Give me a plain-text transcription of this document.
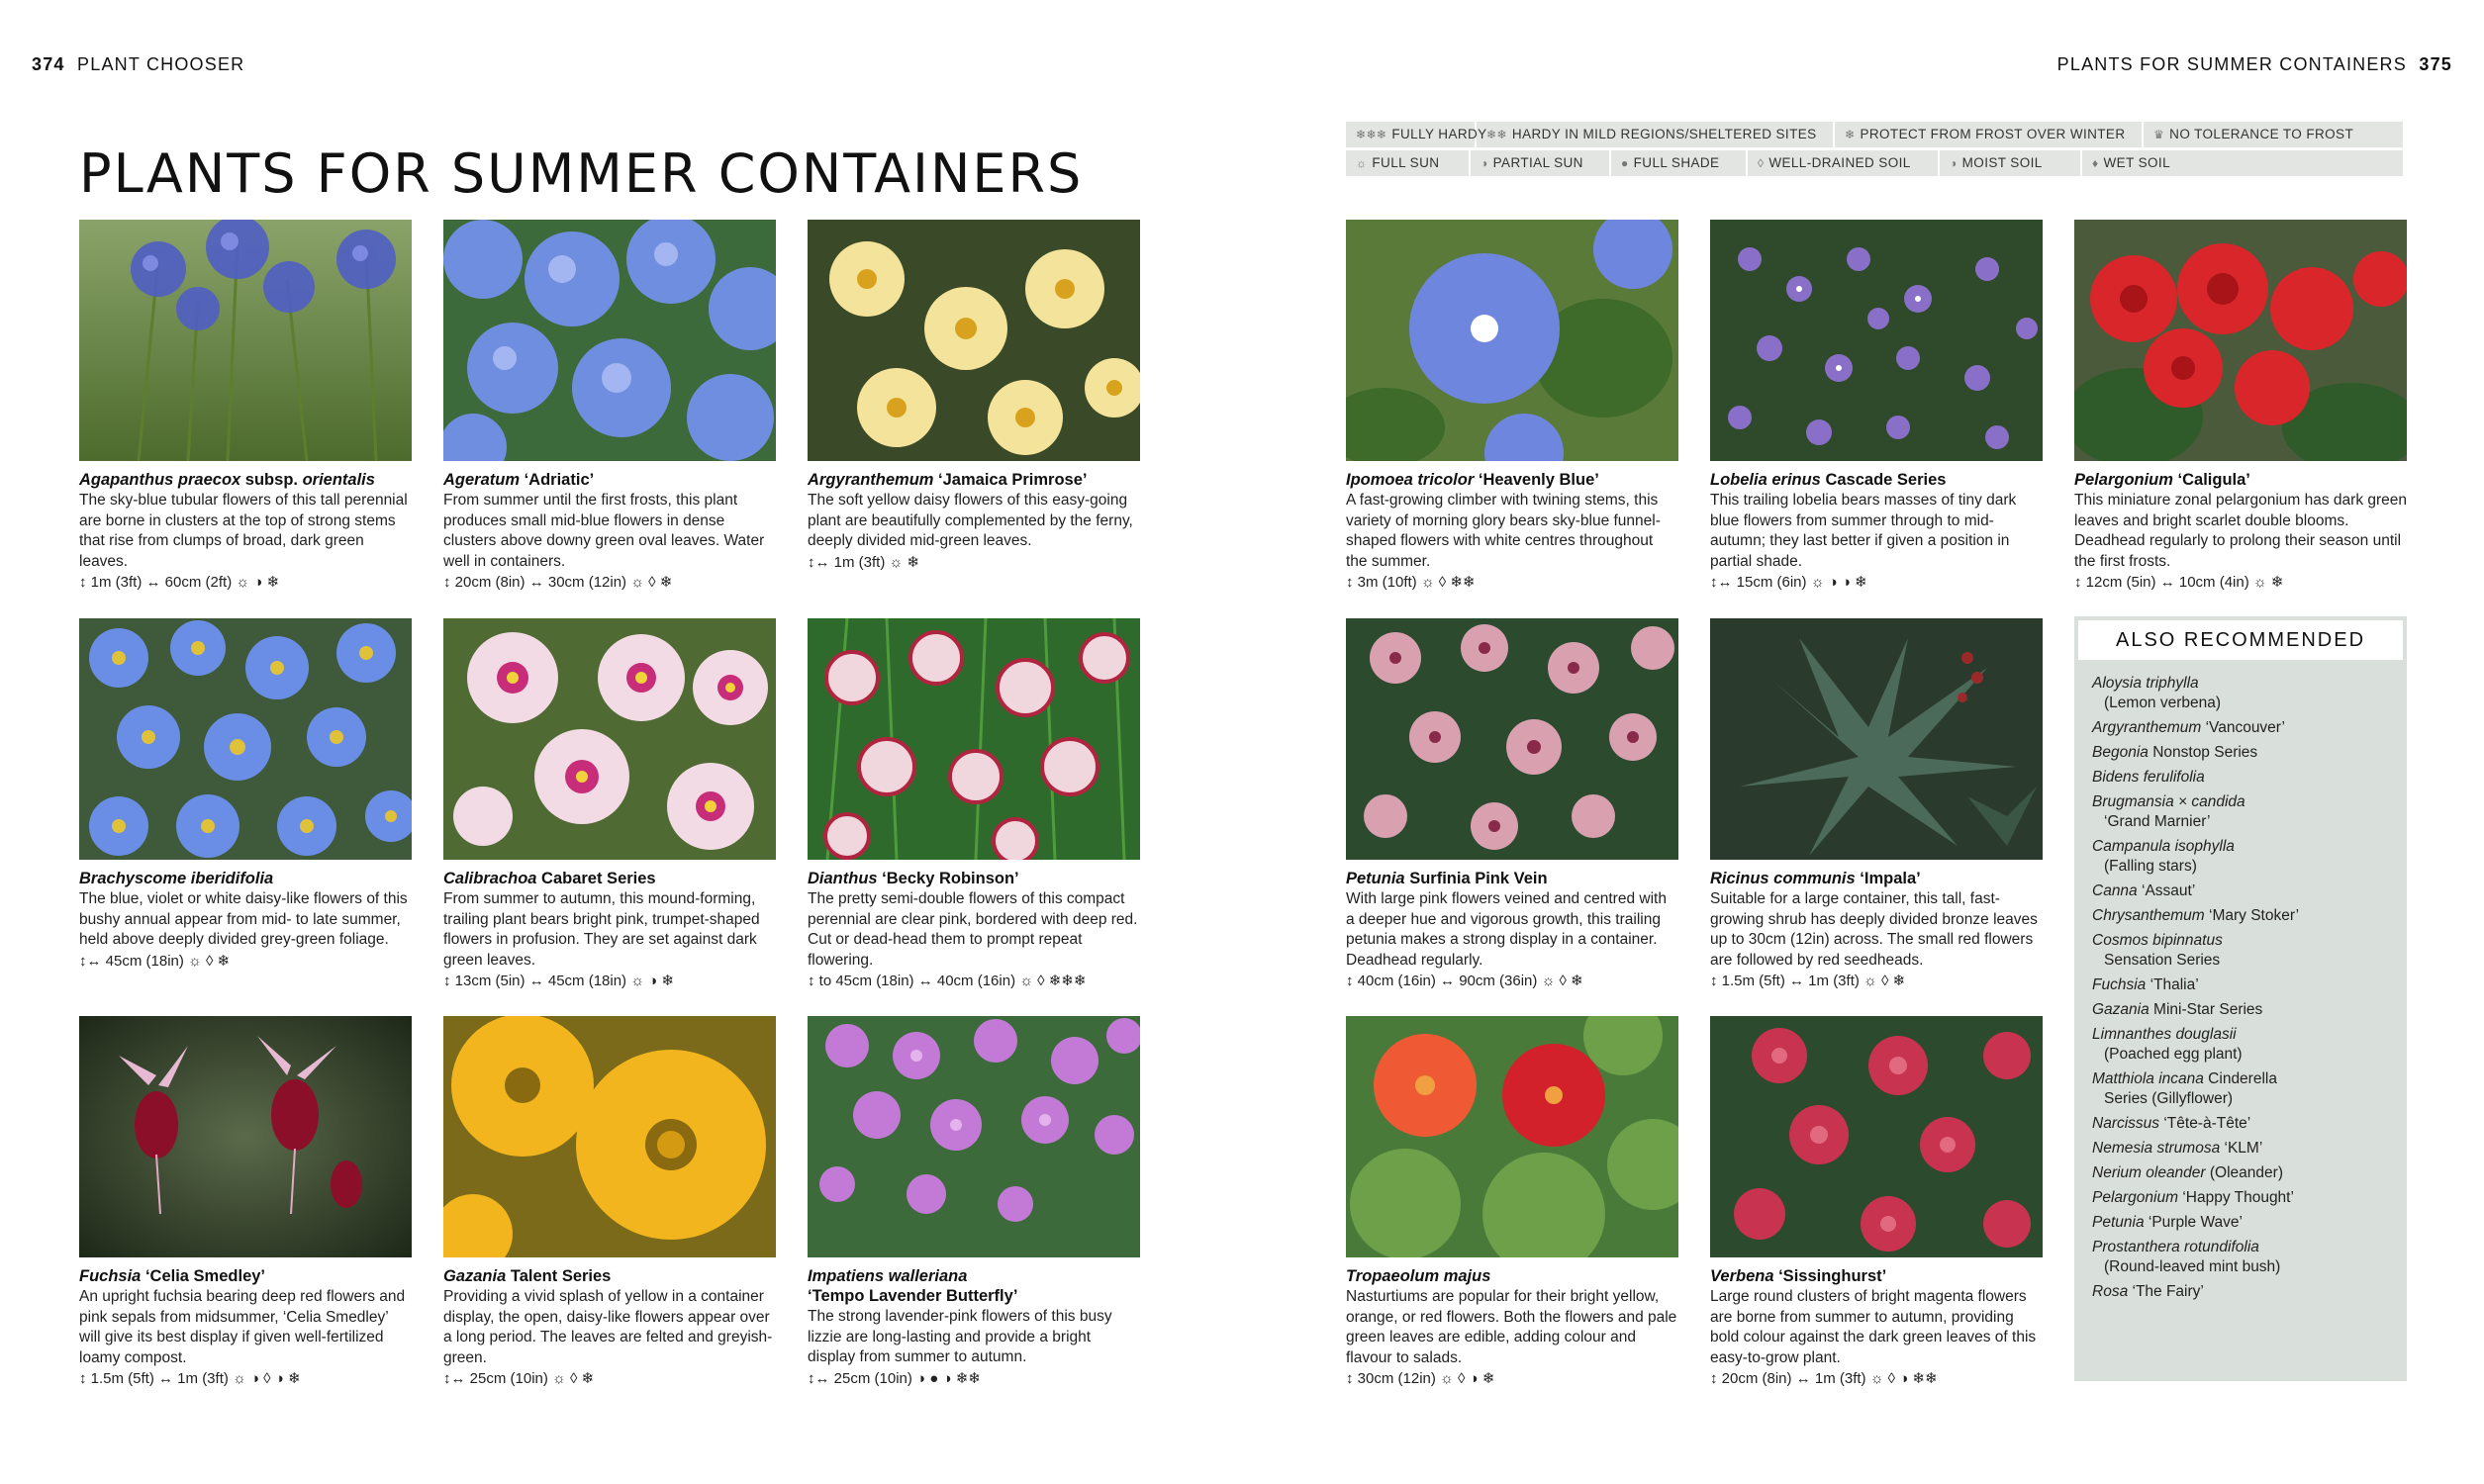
374 PLANT CHOOSER	PLANTS FOR SUMMER CONTAINERS 375
PLANTS FOR SUMMER CONTAINERS
❄❄❄ FULLY HARDY ❄❄ HARDY IN MILD REGIONS/SHELTERED SITES	❄ PROTECT FROM FROST OVER WINTER	♛ NO TOLERANCE TO FROST
☼ FULL SUN	◑ PARTIAL SUN	● FULL SHADE	◊ WELL-DRAINED SOIL	◑ MOIST SOIL	♦ WET SOIL
Agapanthus praecox subsp. orientalis
The sky-blue tubular flowers of this tall perennial are borne in clusters at the top of strong stems that rise from clumps of broad, dark green leaves.
↕ 1m (3ft) ↔ 60cm (2ft) ☼ ◑ ❄
Ageratum ‘Adriatic’
From summer until the first frosts, this plant produces small mid-blue flowers in dense clusters above downy green oval leaves. Water well in containers.
↕ 20cm (8in) ↔ 30cm (12in) ☼ ◊ ❄
Argyranthemum ‘Jamaica Primrose’
The soft yellow daisy flowers of this easy-going plant are beautifully complemented by the ferny, deeply divided mid-green leaves.
↕↔ 1m (3ft) ☼ ❄
Brachyscome iberidifolia
The blue, violet or white daisy-like flowers of this bushy annual appear from mid- to late summer, held above deeply divided grey-green foliage.
↕↔ 45cm (18in) ☼ ◊ ❄
Calibrachoa Cabaret Series
From summer to autumn, this mound-forming, trailing plant bears bright pink, trumpet-shaped flowers in profusion. They are set against dark green leaves.
↕ 13cm (5in) ↔ 45cm (18in) ☼ ◑ ❄
Dianthus ‘Becky Robinson’
The pretty semi-double flowers of this compact perennial are clear pink, bordered with deep red. Cut or dead-head them to prompt repeat flowering.
↕ to 45cm (18in) ↔ 40cm (16in) ☼ ◊ ❄❄❄
Fuchsia ‘Celia Smedley’
An upright fuchsia bearing deep red flowers and pink sepals from midsummer, ‘Celia Smedley’ will give its best display if given well-fertilized loamy compost.
↕ 1.5m (5ft) ↔ 1m (3ft) ☼ ◑ ◊ ◑ ❄
Gazania Talent Series
Providing a vivid splash of yellow in a container display, the open, daisy-like flowers appear over a long period. The leaves are felted and greyish-green.
↕↔ 25cm (10in) ☼ ◊ ❄
Impatiens walleriana
‘Tempo Lavender Butterfly’
The strong lavender-pink flowers of this busy lizzie are long-lasting and provide a bright display from summer to autumn.
↕↔ 25cm (10in) ◑ ● ◑ ❄❄
Ipomoea tricolor ‘Heavenly Blue’
A fast-growing climber with twining stems, this variety of morning glory bears sky-blue funnel-shaped flowers with white centres throughout the summer.
↕ 3m (10ft) ☼ ◊ ❄❄
Lobelia erinus Cascade Series
This trailing lobelia bears masses of tiny dark blue flowers from summer through to mid-autumn; they last better if given a position in partial shade.
↕↔ 15cm (6in) ☼ ◑ ◑ ❄
Pelargonium ‘Caligula’
This miniature zonal pelargonium has dark green leaves and bright scarlet double blooms. Deadhead regularly to prolong their season until the first frosts.
↕ 12cm (5in) ↔ 10cm (4in) ☼ ❄
Petunia Surfinia Pink Vein
With large pink flowers veined and centred with a deeper hue and vigorous growth, this trailing petunia makes a strong display in a container. Deadhead regularly.
↕ 40cm (16in) ↔ 90cm (36in) ☼ ◊ ❄
Ricinus communis ‘Impala’
Suitable for a large container, this tall, fast-growing shrub has deeply divided bronze leaves up to 30cm (12in) across. The small red flowers are followed by red seedheads.
↕ 1.5m (5ft) ↔ 1m (3ft) ☼ ◊ ❄
Tropaeolum majus
Nasturtiums are popular for their bright yellow, orange, or red flowers. Both the flowers and pale green leaves are edible, adding colour and flavour to salads.
↕ 30cm (12in) ☼ ◊ ◑ ❄
Verbena ‘Sissinghurst’
Large round clusters of bright magenta flowers are borne from summer to autumn, providing bold colour against the dark green leaves of this easy-to-grow plant.
↕ 20cm (8in) ↔ 1m (3ft) ☼ ◊ ◑ ❄❄
ALSO RECOMMENDED
Aloysia triphylla
(Lemon verbena)
Argyranthemum ‘Vancouver’
Begonia Nonstop Series
Bidens ferulifolia
Brugmansia × candida
‘Grand Marnier’
Campanula isophylla
(Falling stars)
Canna ‘Assaut’
Chrysanthemum ‘Mary Stoker’
Cosmos bipinnatus
Sensation Series
Fuchsia ‘Thalia’
Gazania Mini-Star Series
Limnanthes douglasii
(Poached egg plant)
Matthiola incana Cinderella
Series (Gillyflower)
Narcissus ‘Tête-à-Tête’
Nemesia strumosa ‘KLM’
Nerium oleander (Oleander)
Pelargonium ‘Happy Thought’
Petunia ‘Purple Wave’
Prostanthera rotundifolia
(Round-leaved mint bush)
Rosa ‘The Fairy’
